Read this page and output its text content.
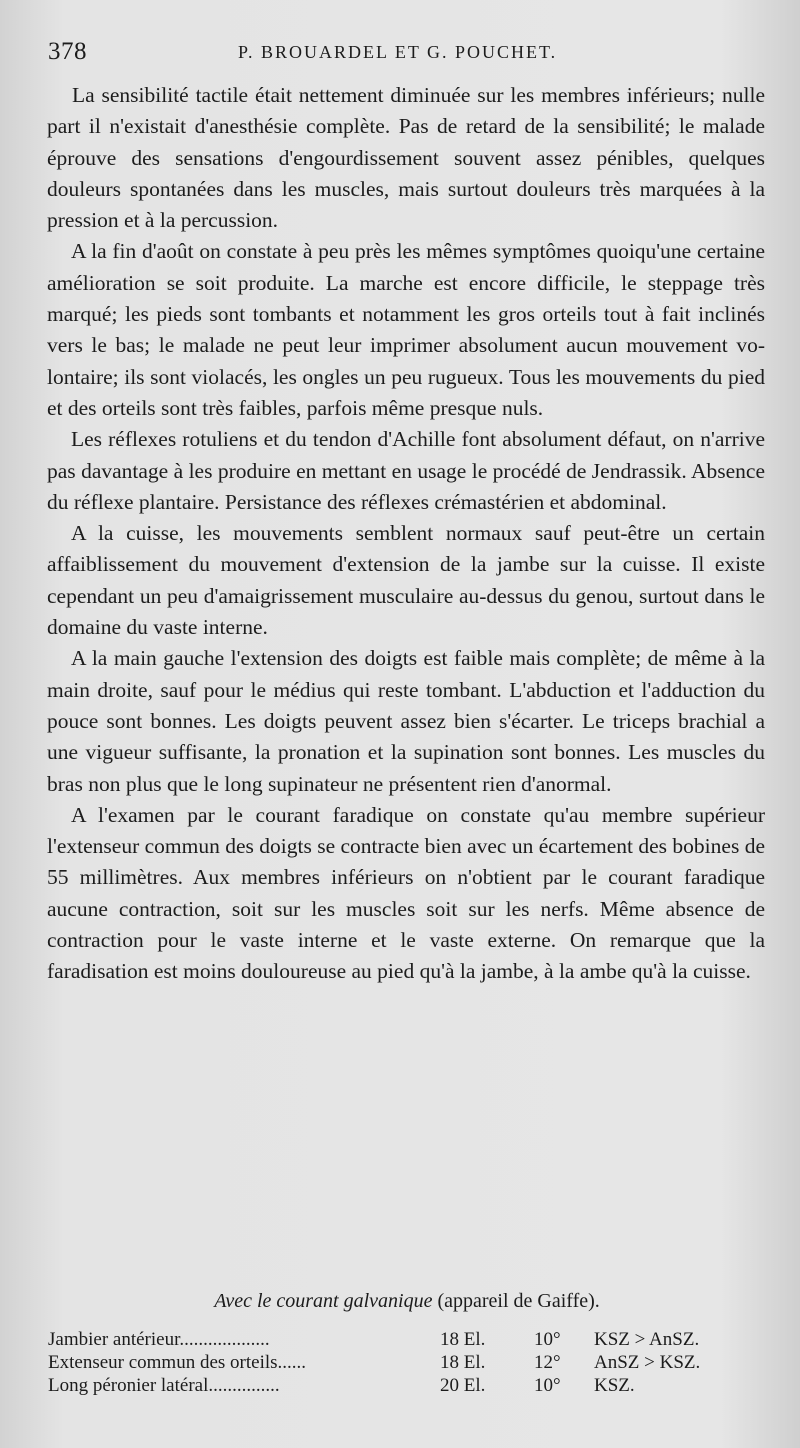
378	P. BROUARDEL ET G. POUCHET.

La sensibilité tactile était nettement diminuée sur les membres inférieurs; nulle part il n'existait d'anesthésie complète. Pas de retard de la sensibilité; le malade éprouve des sensations d'engourdissement souvent assez pénibles, quelques douleurs spontanées dans les muscles, mais surtout douleurs très marquées à la pression et à la percussion.

A la fin d'août on constate à peu près les mêmes symptômes quoiqu'une certaine amélioration se soit produite. La marche est encore difficile, le steppage très marqué; les pieds sont tombants et notamment les gros orteils tout à fait inclinés vers le bas; le malade ne peut leur imprimer absolument aucun mouvement volontaire; ils sont violacés, les ongles un peu rugueux. Tous les mouvements du pied et des orteils sont très faibles, parfois même presque nuls.

Les réflexes rotuliens et du tendon d'Achille font absolument défaut, on n'arrive pas davantage à les produire en mettant en usage le procédé de Jendrassik. Absence du réflexe plantaire. Persistance des réflexes crémastérien et abdominal.

A la cuisse, les mouvements semblent normaux sauf peut-être un certain affaiblissement du mouvement d'extension de la jambe sur la cuisse. Il existe cependant un peu d'amaigrissement musculaire au-dessus du genou, surtout dans le domaine du vaste interne.

A la main gauche l'extension des doigts est faible mais complète; de même à la main droite, sauf pour le médius qui reste tombant. L'abduction et l'adduction du pouce sont bonnes. Les doigts peuvent assez bien s'écarter. Le triceps brachial a une vigueur suffisante, la pronation et la supination sont bonnes. Les muscles du bras non plus que le long supinateur ne présentent rien d'anormal.

A l'examen par le courant faradique on constate qu'au membre supérieur l'extenseur commun des doigts se contracte bien avec un écartement des bobines de 55 millimètres. Aux membres inférieurs on n'obtient par le courant faradique aucune contraction, soit sur les muscles soit sur les nerfs. Même absence de contraction pour le vaste interne et le vaste externe. On remarque que la faradisation est moins douloureuse au pied qu'à la jambe, à la ambe qu'à la cuisse.

Avec le courant galvanique (appareil de Gaiffe).
Jambier antérieur...................	18 El.	10°	KSZ > AnSZ.
Extenseur commun des orteils......	18 El.	12°	AnSZ > KSZ.
Long péronier latéral...............	20 El.	10°	KSZ.
